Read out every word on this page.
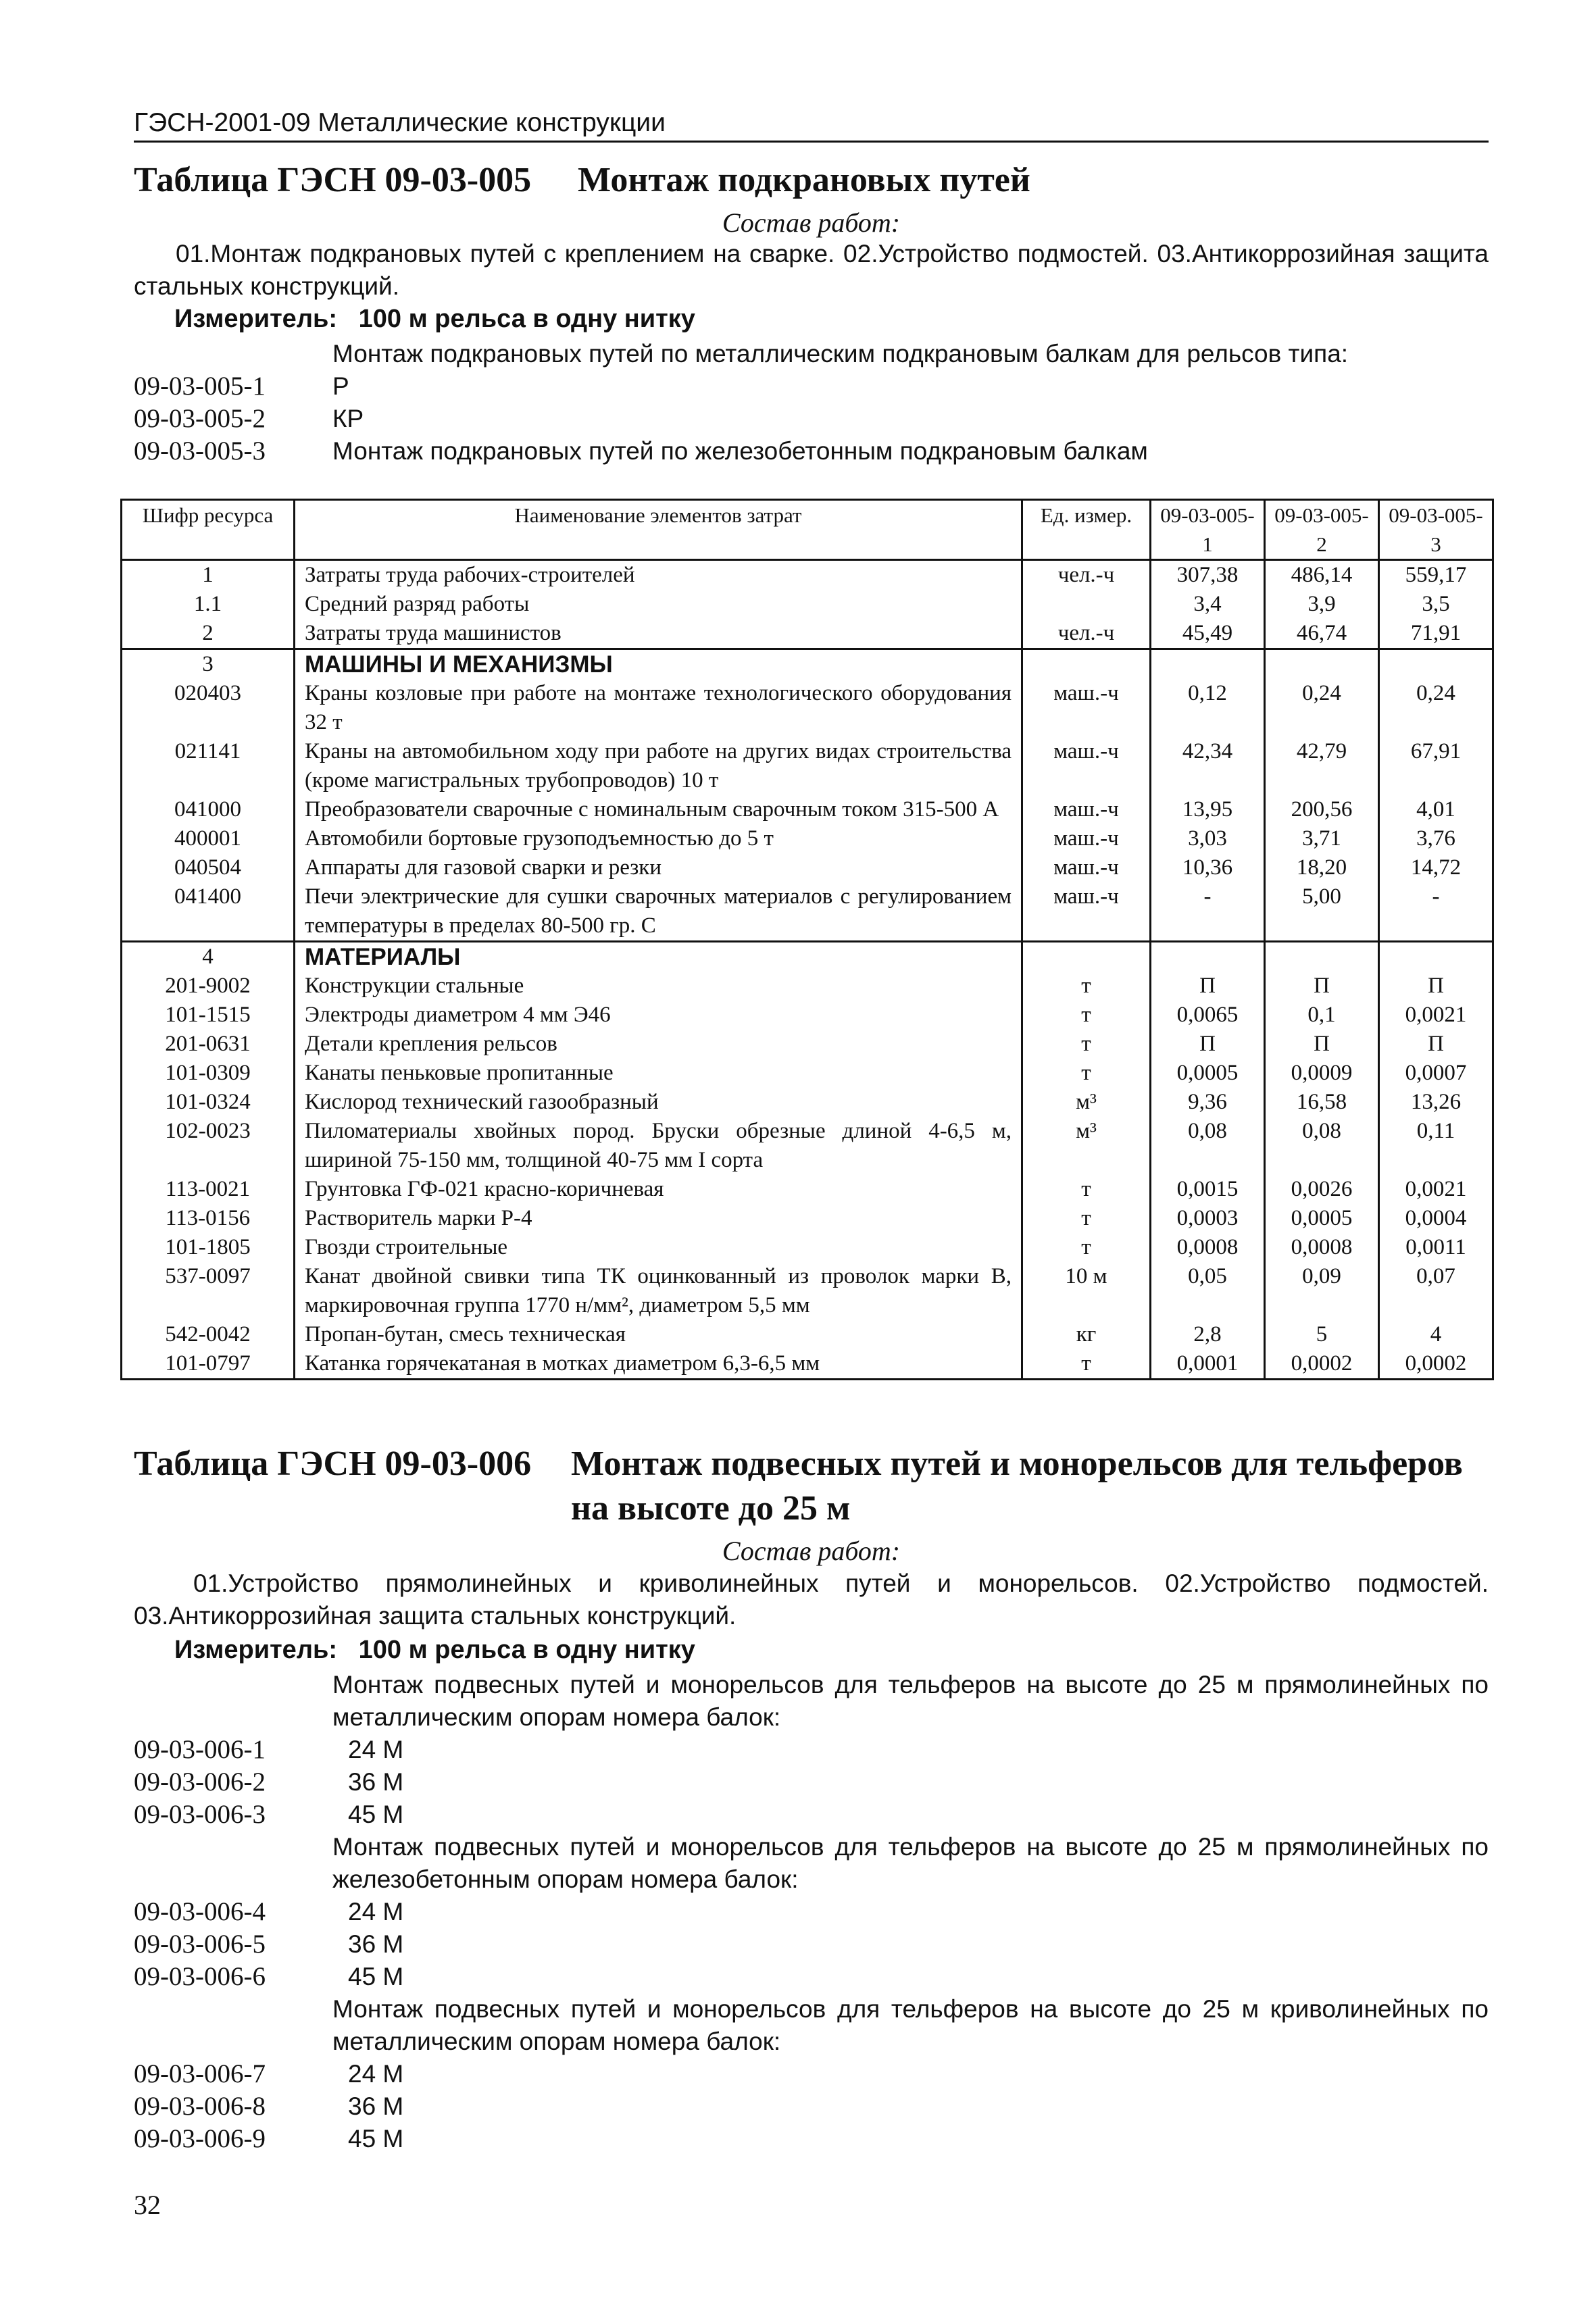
ГЭСН-2001-09 Металлические конструкции
Таблица ГЭСН 09-03-005 Монтаж подкрановых путей
Состав работ:
01.Монтаж подкрановых путей с креплением на сварке. 02.Устройство подмостей. 03.Антикоррозийная защита стальных конструкций.
Измеритель:   100 м рельса в одну нитку
Монтаж подкрановых путей по металлическим подкрановым балкам для рельсов типа:
09-03-005-1	Р
09-03-005-2	КР
09-03-005-3	Монтаж подкрановых путей по железобетонным подкрановым балкам
Шифр ресурса	Наименование элементов затрат	Ед. измер.	09-03-005-1	09-03-005-2	09-03-005-3
1	Затраты труда рабочих-строителей	чел.-ч	307,38	486,14	559,17
1.1	Средний разряд работы		3,4	3,9	3,5
2	Затраты труда машинистов	чел.-ч	45,49	46,74	71,91
3	МАШИНЫ И МЕХАНИЗМЫ				
020403	Краны козловые при работе на монтаже технологического оборудования 32 т	маш.-ч	0,12	0,24	0,24
021141	Краны на автомобильном ходу при работе на других видах строительства (кроме магистральных трубопроводов) 10 т	маш.-ч	42,34	42,79	67,91
041000	Преобразователи сварочные с номинальным сварочным током 315-500 А	маш.-ч	13,95	200,56	4,01
400001	Автомобили бортовые грузоподъемностью до 5 т	маш.-ч	3,03	3,71	3,76
040504	Аппараты для газовой сварки и резки	маш.-ч	10,36	18,20	14,72
041400	Печи электрические для сушки сварочных материалов с регулированием температуры в пределах 80-500 гр. С	маш.-ч	-	5,00	-
4	МАТЕРИАЛЫ				
201-9002	Конструкции стальные	т	П	П	П
101-1515	Электроды диаметром 4 мм Э46	т	0,0065	0,1	0,0021
201-0631	Детали крепления рельсов	т	П	П	П
101-0309	Канаты пеньковые пропитанные	т	0,0005	0,0009	0,0007
101-0324	Кислород технический газообразный	м³	9,36	16,58	13,26
102-0023	Пиломатериалы хвойных пород. Бруски обрезные длиной 4-6,5 м, шириной 75-150 мм, толщиной 40-75 мм I сорта	м³	0,08	0,08	0,11
113-0021	Грунтовка ГФ-021 красно-коричневая	т	0,0015	0,0026	0,0021
113-0156	Растворитель марки Р-4	т	0,0003	0,0005	0,0004
101-1805	Гвозди строительные	т	0,0008	0,0008	0,0011
537-0097	Канат двойной свивки типа ТК оцинкованный из проволок марки В, маркировочная группа 1770 н/мм², диаметром 5,5 мм	10 м	0,05	0,09	0,07
542-0042	Пропан-бутан, смесь техническая	кг	2,8	5	4
101-0797	Катанка горячекатаная в мотках диаметром 6,3-6,5 мм	т	0,0001	0,0002	0,0002
Таблица ГЭСН 09-03-006 Монтаж подвесных путей и монорельсов для тельферов
на высоте до 25 м
Состав работ:
01.Устройство прямолинейных и криволинейных путей и монорельсов. 02.Устройство подмостей. 03.Антикоррозийная защита стальных конструкций.
Измеритель:   100 м рельса в одну нитку
Монтаж подвесных путей и монорельсов для тельферов на высоте до 25 м прямолинейных по металлическим опорам номера балок:
09-03-006-1	24 М
09-03-006-2	36 М
09-03-006-3	45 М
Монтаж подвесных путей и монорельсов для тельферов на высоте до 25 м прямолинейных по железобетонным опорам номера балок:
09-03-006-4	24 М
09-03-006-5	36 М
09-03-006-6	45 М
Монтаж подвесных путей и монорельсов для тельферов на высоте до 25 м криволинейных по металлическим опорам номера балок:
09-03-006-7	24 М
09-03-006-8	36 М
09-03-006-9	45 М
32
